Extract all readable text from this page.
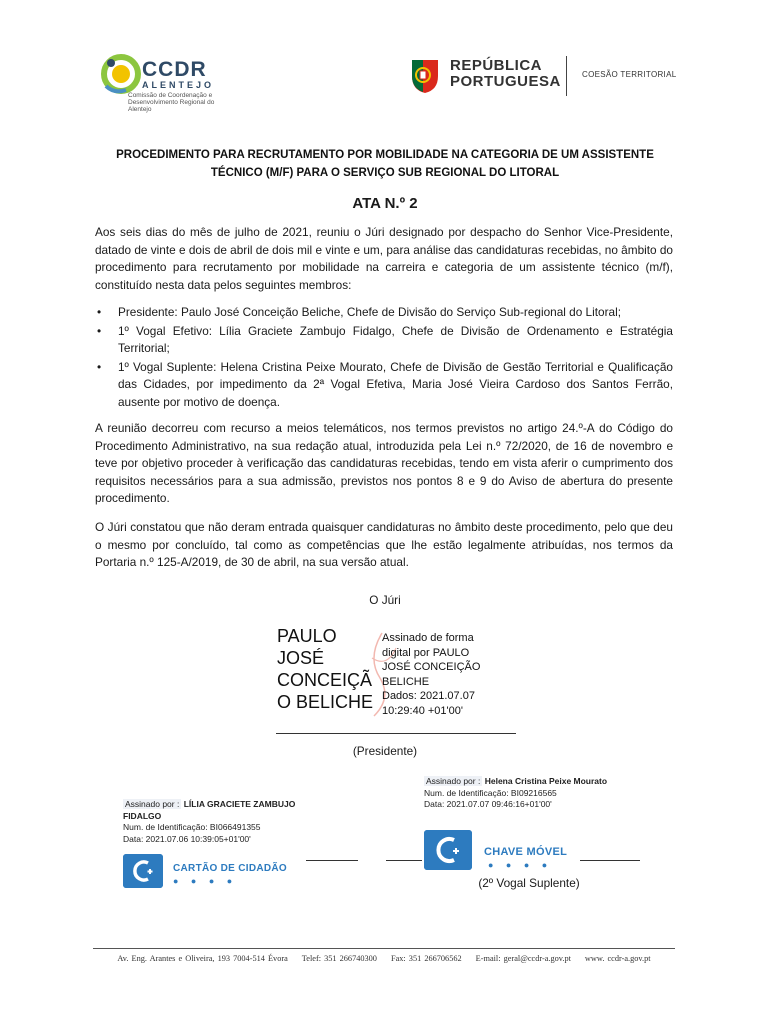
CCDR
ALENTEJO
Comissão de Coordenação e Desenvolvimento Regional do Alentejo
REPÚBLICA
PORTUGUESA	COESÃO TERRITORIAL
PROCEDIMENTO PARA RECRUTAMENTO POR MOBILIDADE NA CATEGORIA DE UM ASSISTENTE TÉCNICO (M/F) PARA O SERVIÇO SUB REGIONAL DO LITORAL
ATA N.º 2
Aos seis dias do mês de julho de 2021, reuniu o Júri designado por despacho do Senhor Vice-Presidente, datado de vinte e dois de abril de dois mil e vinte e um, para análise das candidaturas recebidas, no âmbito do procedimento para recrutamento por mobilidade na carreira e categoria de um assistente técnico (m/f), constituído nesta data pelos seguintes membros:
• Presidente: Paulo José Conceição Beliche, Chefe de Divisão do Serviço Sub-regional do Litoral;
• 1º Vogal Efetivo: Lília Graciete Zambujo Fidalgo, Chefe de Divisão de Ordenamento e Estratégia Territorial;
• 1º Vogal Suplente: Helena Cristina Peixe Mourato, Chefe de Divisão de Gestão Territorial e Qualificação das Cidades, por impedimento da 2ª Vogal Efetiva, Maria José Vieira Cardoso dos Santos Ferrão, ausente por motivo de doença.
A reunião decorreu com recurso a meios telemáticos, nos termos previstos no artigo 24.º-A do Código do Procedimento Administrativo, na sua redação atual, introduzida pela Lei n.º 72/2020, de 16 de novembro e teve por objetivo proceder à verificação das candidaturas recebidas, tendo em vista aferir o cumprimento dos requisitos necessários para a sua admissão, previstos nos pontos 8 e 9 do Aviso de abertura do presente procedimento.
O Júri constatou que não deram entrada quaisquer candidaturas no âmbito deste procedimento, pelo que deu o mesmo por concluído, tal como as competências que lhe estão legalmente atribuídas, nos termos da Portaria n.º 125-A/2019, de 30 de abril, na sua versão atual.
O Júri
PAULO
JOSÉ
CONCEIÇÃ
O BELICHE
Assinado de forma
digital por PAULO
JOSÉ CONCEIÇÃO
BELICHE
Dados: 2021.07.07
10:29:40 +01'00'
(Presidente)
Assinado por : Helena Cristina Peixe Mourato
Num. de Identificação: BI09216565
Data: 2021.07.07 09:46:16+01'00'
CHAVE MÓVEL
● ● ● ●
Assinado por : LÍLIA GRACIETE ZAMBUJO FIDALGO
Num. de Identificação: BI066491355
Data: 2021.07.06 10:39:05+01'00'
CARTÃO DE CIDADÃO
● ● ● ●	(2º Vogal Suplente)
Av. Eng. Arantes e Oliveira, 193 7004-514 Évora Telef: 351 266740300 Fax: 351 266706562 E-mail: geral@ccdr-a.gov.pt www. ccdr-a.gov.pt
